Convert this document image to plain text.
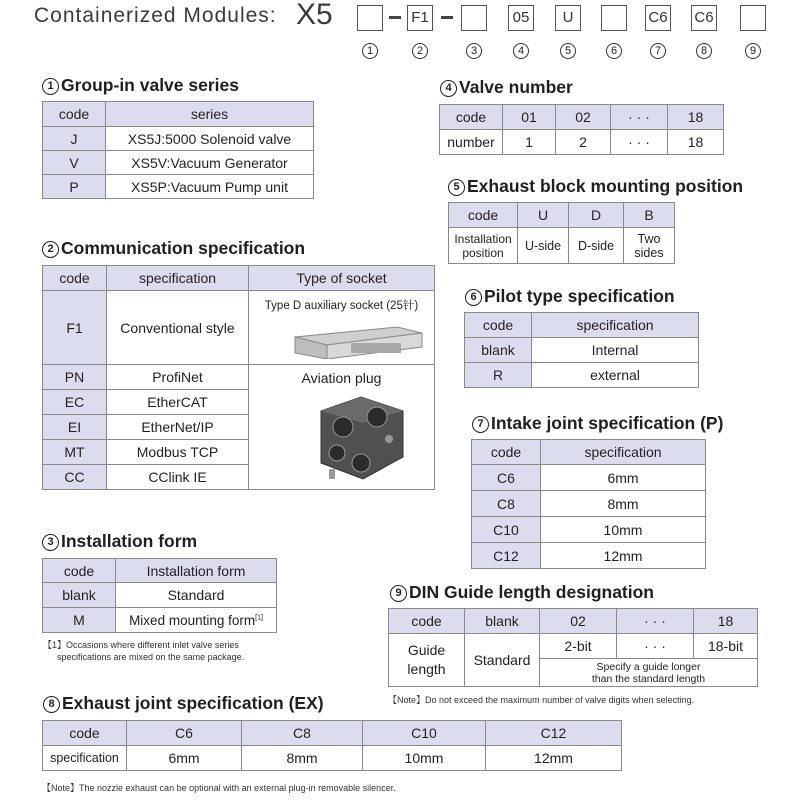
Containerized Modules: X5	F1	05	U	C6 C6
1	2	3	4	5	6	7	8	9
1 Group-in valve series
code	series
J	XS5J:5000 Solenoid valve
V	XS5V:Vacuum Generator
P	XS5P:Vacuum Pump unit
2 Communication specification
code	specification	Type of socket
F1	Conventional style	Type D auxiliary socket (25针)

PN	ProfiNet	Aviation plug

EC	EtherCAT	
EI	EtherNet/IP	
MT	Modbus TCP	
CC	CClink IE	
3 Installation form
code	Installation form
blank	Standard
M	Mixed mounting form[1]
【1】Occasions where different inlet valve series
specifications are mixed on the same package.
4 Valve number
code	01	02	· · ·	18
number	1	2	· · ·	18
5 Exhaust block mounting position
code	U	D	B
Installation position	U-side	D-side	Two sides
6 Pilot type specification
code	specification
blank	Internal
R	external
7 Intake joint specification (P)
code	specification
C6	6mm
C8	8mm
C10	10mm
C12	12mm
9 DIN Guide length designation
code	blank	02	· · ·	18
Guide length	Standard	2-bit	· · ·	18-bit
		Specify a guide longer than the standard length		
【Note】Do not exceed the maximum number of valve digits when selecting.
8 Exhaust joint specification (EX)
code	C6	C8	C10	C12
specification	6mm	8mm	10mm	12mm
【Note】The nozzle exhaust can be optional with an external plug-in removable silencer.
